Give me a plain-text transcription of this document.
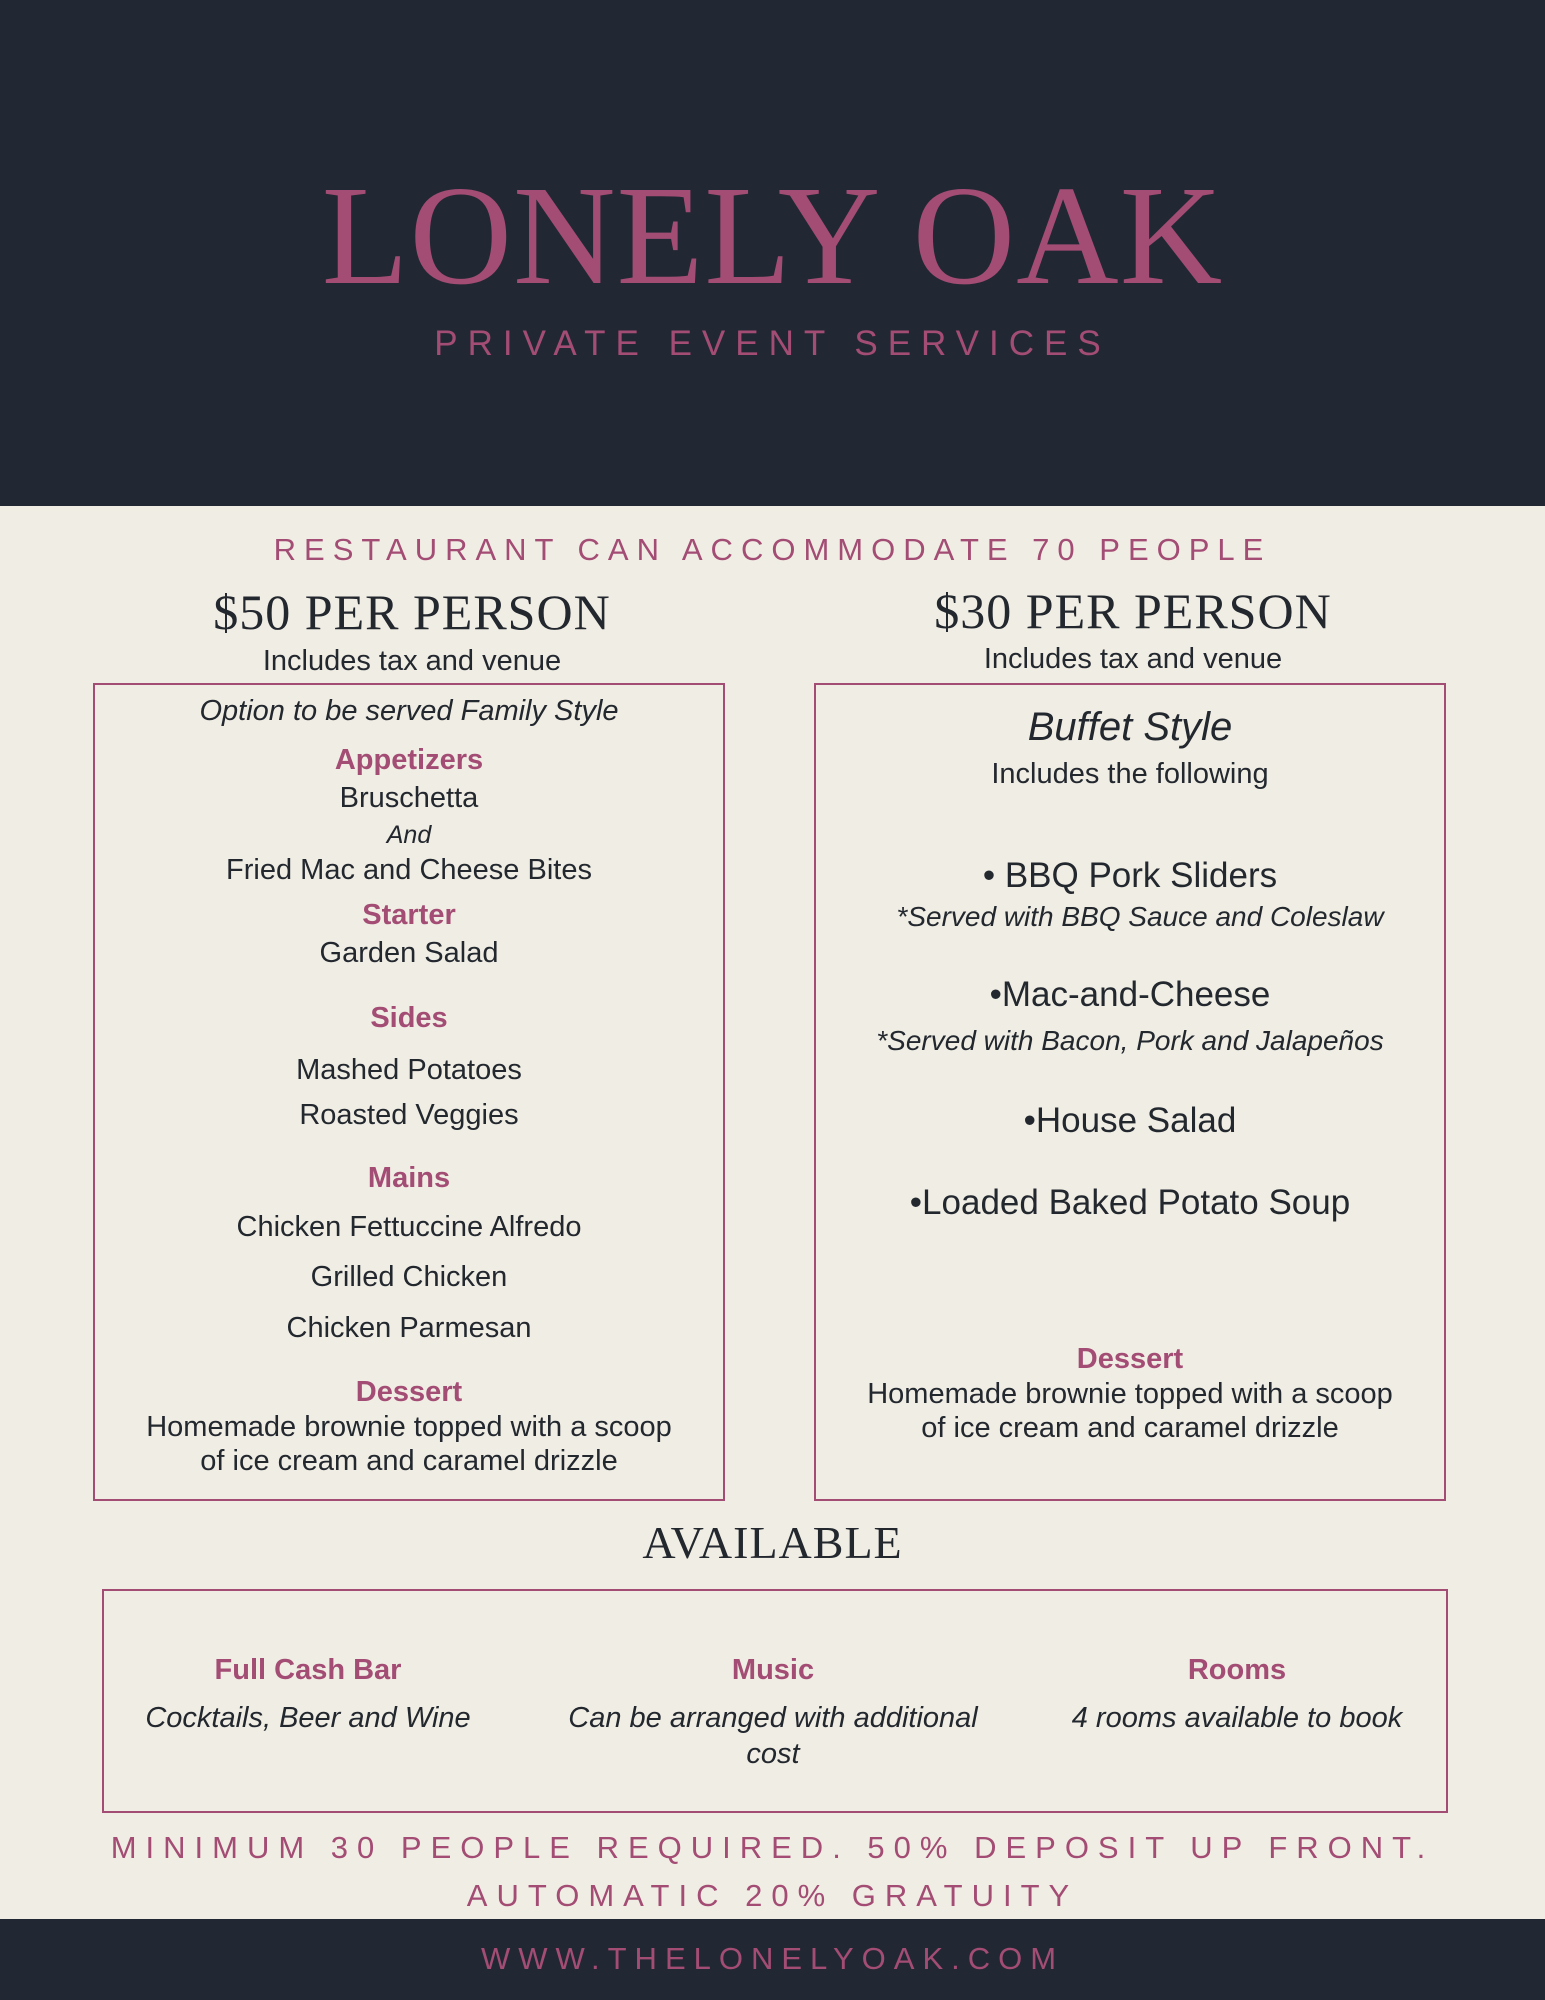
LONELY OAK
PRIVATE EVENT SERVICES
RESTAURANT CAN ACCOMMODATE 70 PEOPLE
$50 PER PERSON
Includes tax and venue
Option to be served Family Style
Appetizers
Bruschetta
And
Fried Mac and Cheese Bites
Starter
Garden Salad
Sides
Mashed Potatoes
Roasted Veggies
Mains
Chicken Fettuccine Alfredo
Grilled Chicken
Chicken Parmesan
Dessert
Homemade brownie topped with a scoop
of ice cream and caramel drizzle
$30 PER PERSON
Includes tax and venue
Buffet Style
Includes the following
• BBQ Pork Sliders
*Served with BBQ Sauce and Coleslaw
•Mac-and-Cheese
*Served with Bacon, Pork and Jalapeños
•House Salad
•Loaded Baked Potato Soup
Dessert
Homemade brownie topped with a scoop
of ice cream and caramel drizzle
AVAILABLE
Full Cash Bar
Cocktails, Beer and Wine
Music
Can be arranged with additional cost
Rooms
4 rooms available to book
MINIMUM 30 PEOPLE REQUIRED. 50% DEPOSIT UP FRONT.
AUTOMATIC 20% GRATUITY
WWW.THELONELYOAK.COM
